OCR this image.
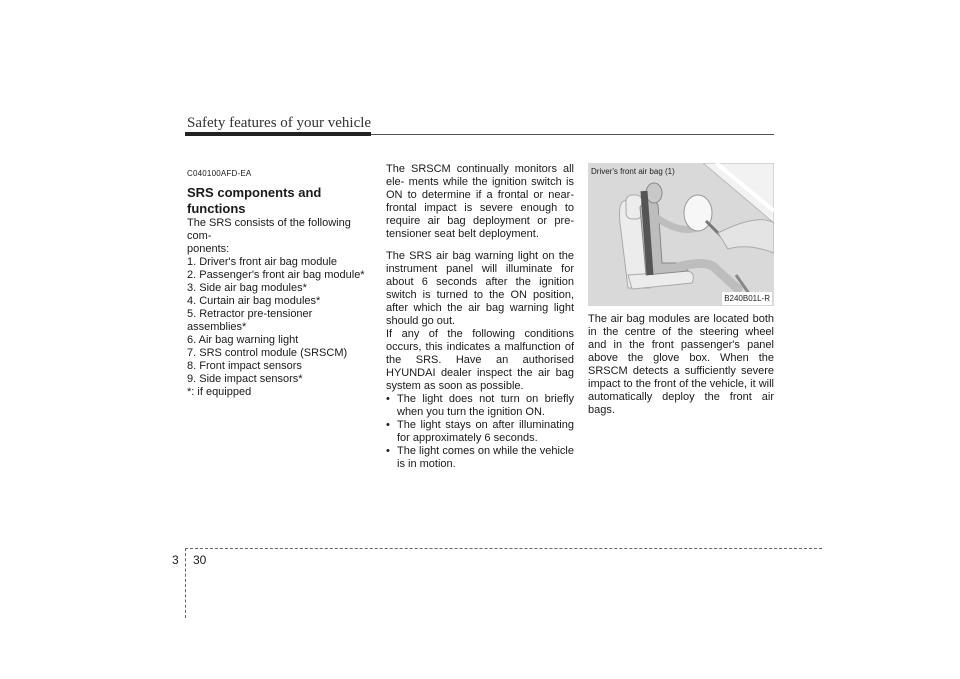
Safety features of your vehicle
C040100AFD-EA
SRS components and functions
The SRS consists of the following com-
ponents:
1. Driver's front air bag module
2. Passenger's front air bag module*
3. Side air bag modules*
4. Curtain air bag modules*
5. Retractor pre-tensioner assemblies*
6. Air bag warning light
7. SRS control module (SRSCM)
8. Front impact sensors
9. Side impact sensors*
*: if equipped
The SRSCM continually monitors all ele- ments while the ignition switch is ON to determine if a frontal or near-frontal impact is severe enough to require air bag deployment or pre-tensioner seat belt deployment.
The SRS air bag warning light on the instrument panel will illuminate for about 6 seconds after the ignition switch is turned to the ON position, after which the air bag warning light should go out.
If any of the following conditions occurs, this indicates a malfunction of the SRS. Have an authorised HYUNDAI dealer inspect the air bag system as soon as possible.
• The light does not turn on briefly when you turn the ignition ON.
• The light stays on after illuminating for approximately 6 seconds.
• The light comes on while the vehicle is in motion.
Driver's front air bag (1)
B240B01L-R
The air bag modules are located both in the centre of the steering wheel and in the front passenger's panel above the glove box. When the SRSCM detects a sufficiently severe impact to the front of the vehicle, it will automatically deploy the front air bags.
3 30
